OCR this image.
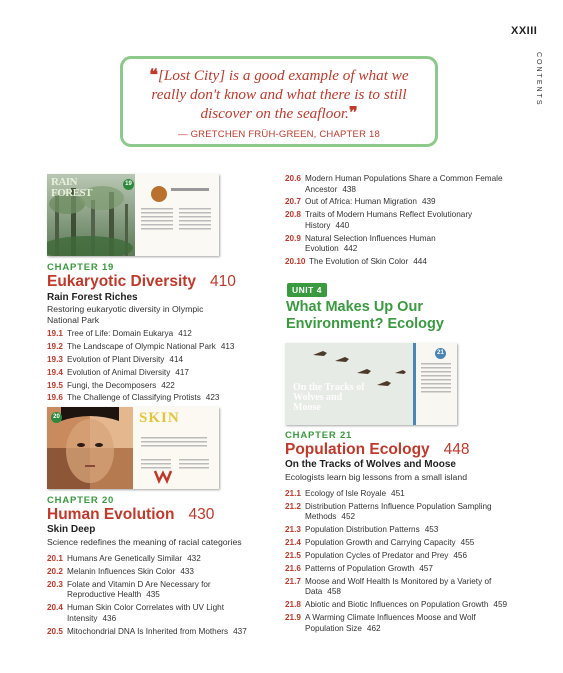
XXIII
CONTENTS
❝[Lost City] is a good example of what we really don't know and what there is to still discover on the seafloor.❞
— GRETCHEN FRÜH-GREEN, CHAPTER 18
RAIN FOREST
19
CHAPTER 19
Eukaryotic Diversity 410
Rain Forest Riches
Restoring eukaryotic diversity in Olympic National Park
19.1 Tree of Life: Domain Eukarya 412
19.2 The Landscape of Olympic National Park 413
19.3 Evolution of Plant Diversity 414
19.4 Evolution of Animal Diversity 417
19.5 Fungi, the Decomposers 422
19.6 The Challenge of Classifying Protists 423
SKIN
20
CHAPTER 20
Human Evolution 430
Skin Deep
Science redefines the meaning of racial categories
20.1 Humans Are Genetically Similar 432
20.2 Melanin Influences Skin Color 433
20.3 Folate and Vitamin D Are Necessary for Reproductive Health 435
20.4 Human Skin Color Correlates with UV Light Intensity 436
20.5 Mitochondrial DNA Is Inherited from Mothers 437
20.6 Modern Human Populations Share a Common Female Ancestor 438
20.7 Out of Africa: Human Migration 439
20.8 Traits of Modern Humans Reflect Evolutionary History 440
20.9 Natural Selection Influences Human Evolution 442
20.10 The Evolution of Skin Color 444
UNIT 4
What Makes Up Our Environment? Ecology
On the Tracks of Wolves and Moose
21
CHAPTER 21
Population Ecology 448
On the Tracks of Wolves and Moose
Ecologists learn big lessons from a small island
21.1 Ecology of Isle Royale 451
21.2 Distribution Patterns Influence Population Sampling Methods 452
21.3 Population Distribution Patterns 453
21.4 Population Growth and Carrying Capacity 455
21.5 Population Cycles of Predator and Prey 456
21.6 Patterns of Population Growth 457
21.7 Moose and Wolf Health Is Monitored by a Variety of Data 458
21.8 Abiotic and Biotic Influences on Population Growth 459
21.9 A Warming Climate Influences Moose and Wolf Population Size 462
